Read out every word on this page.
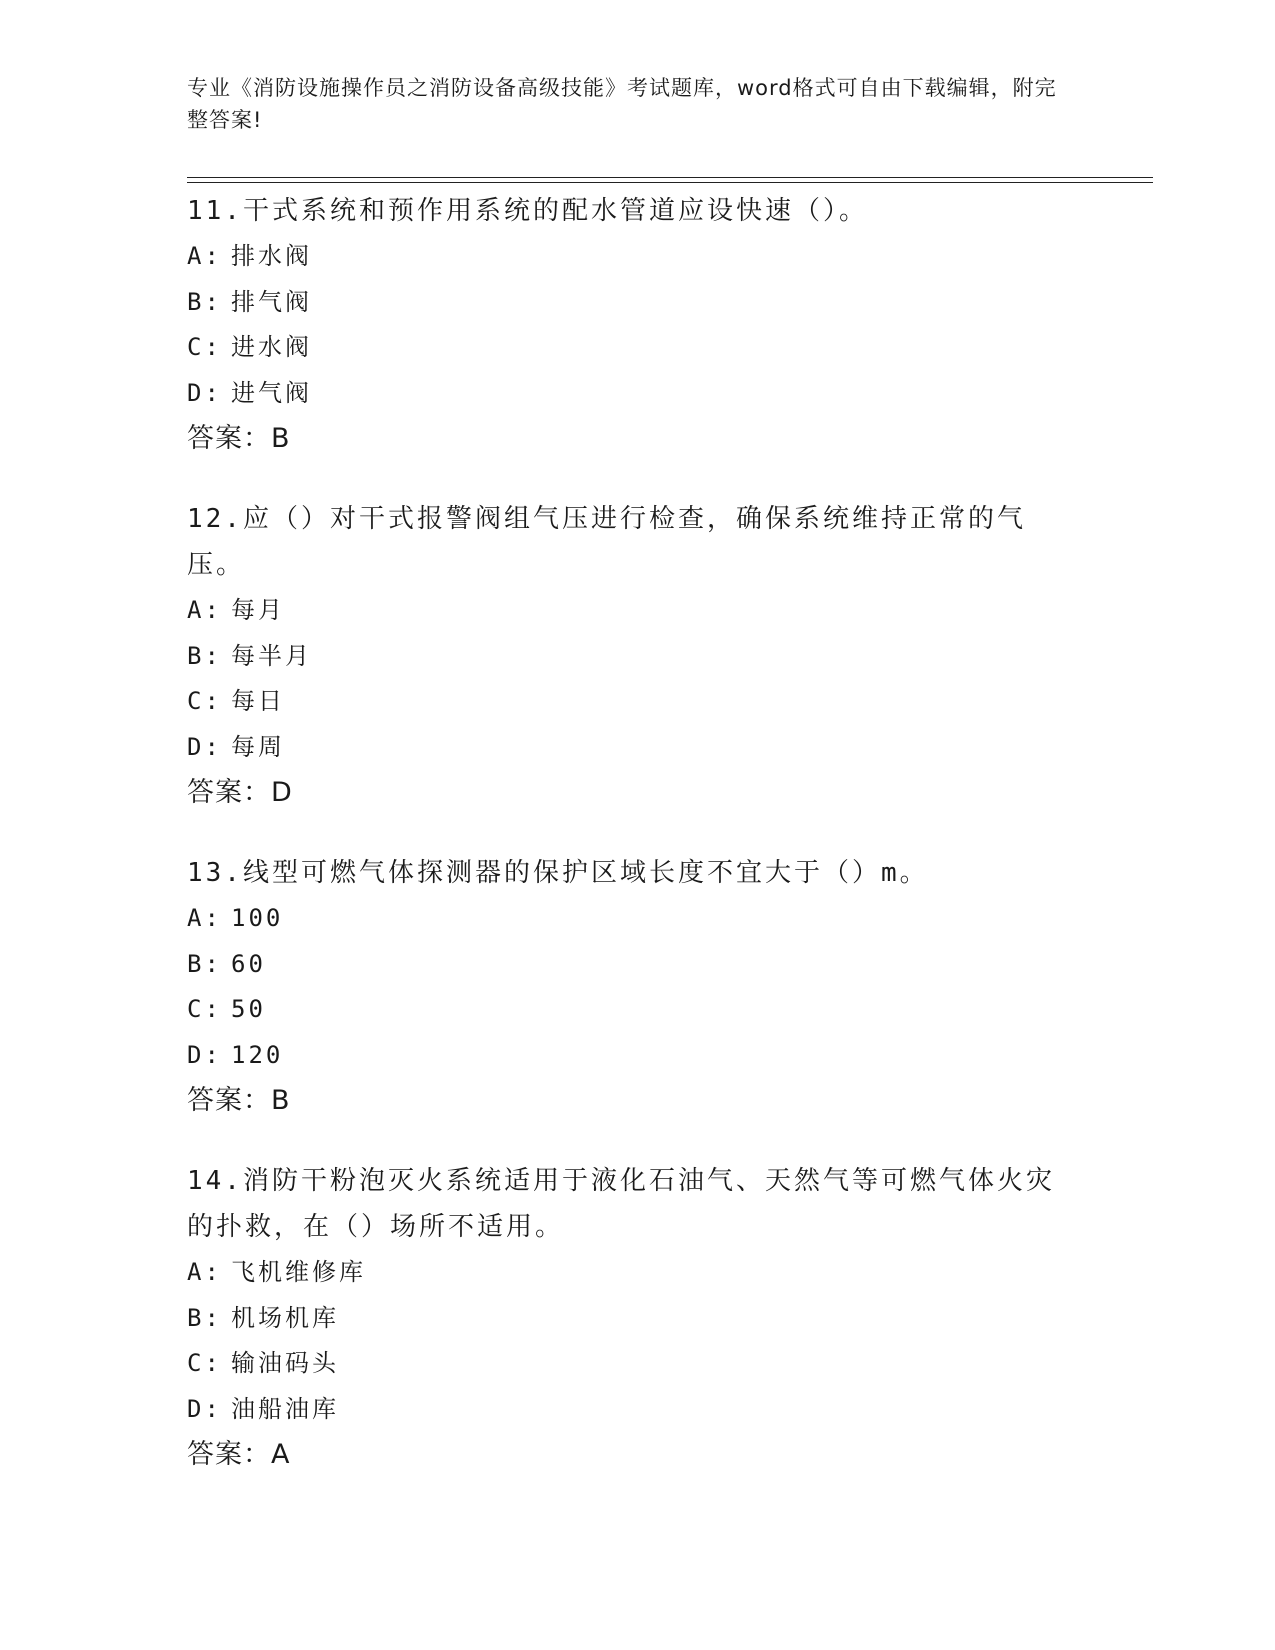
专业《消防设施操作员之消防设备高级技能》考试题库，word格式可自由下载编辑，附完整答案!
11.干式系统和预作用系统的配水管道应设快速（）。
A: 排水阀
B: 排气阀
C: 进水阀
D: 进气阀
答案：B
12.应（）对干式报警阀组气压进行检查，确保系统维持正常的气压。
A: 每月
B: 每半月
C: 每日
D: 每周
答案：D
13.线型可燃气体探测器的保护区域长度不宜大于（）m。
A: 100
B: 60
C: 50
D: 120
答案：B
14.消防干粉泡灭火系统适用于液化石油气、天然气等可燃气体火灾的扑救，在（）场所不适用。
A: 飞机维修库
B: 机场机库
C: 输油码头
D: 油船油库
答案：A
